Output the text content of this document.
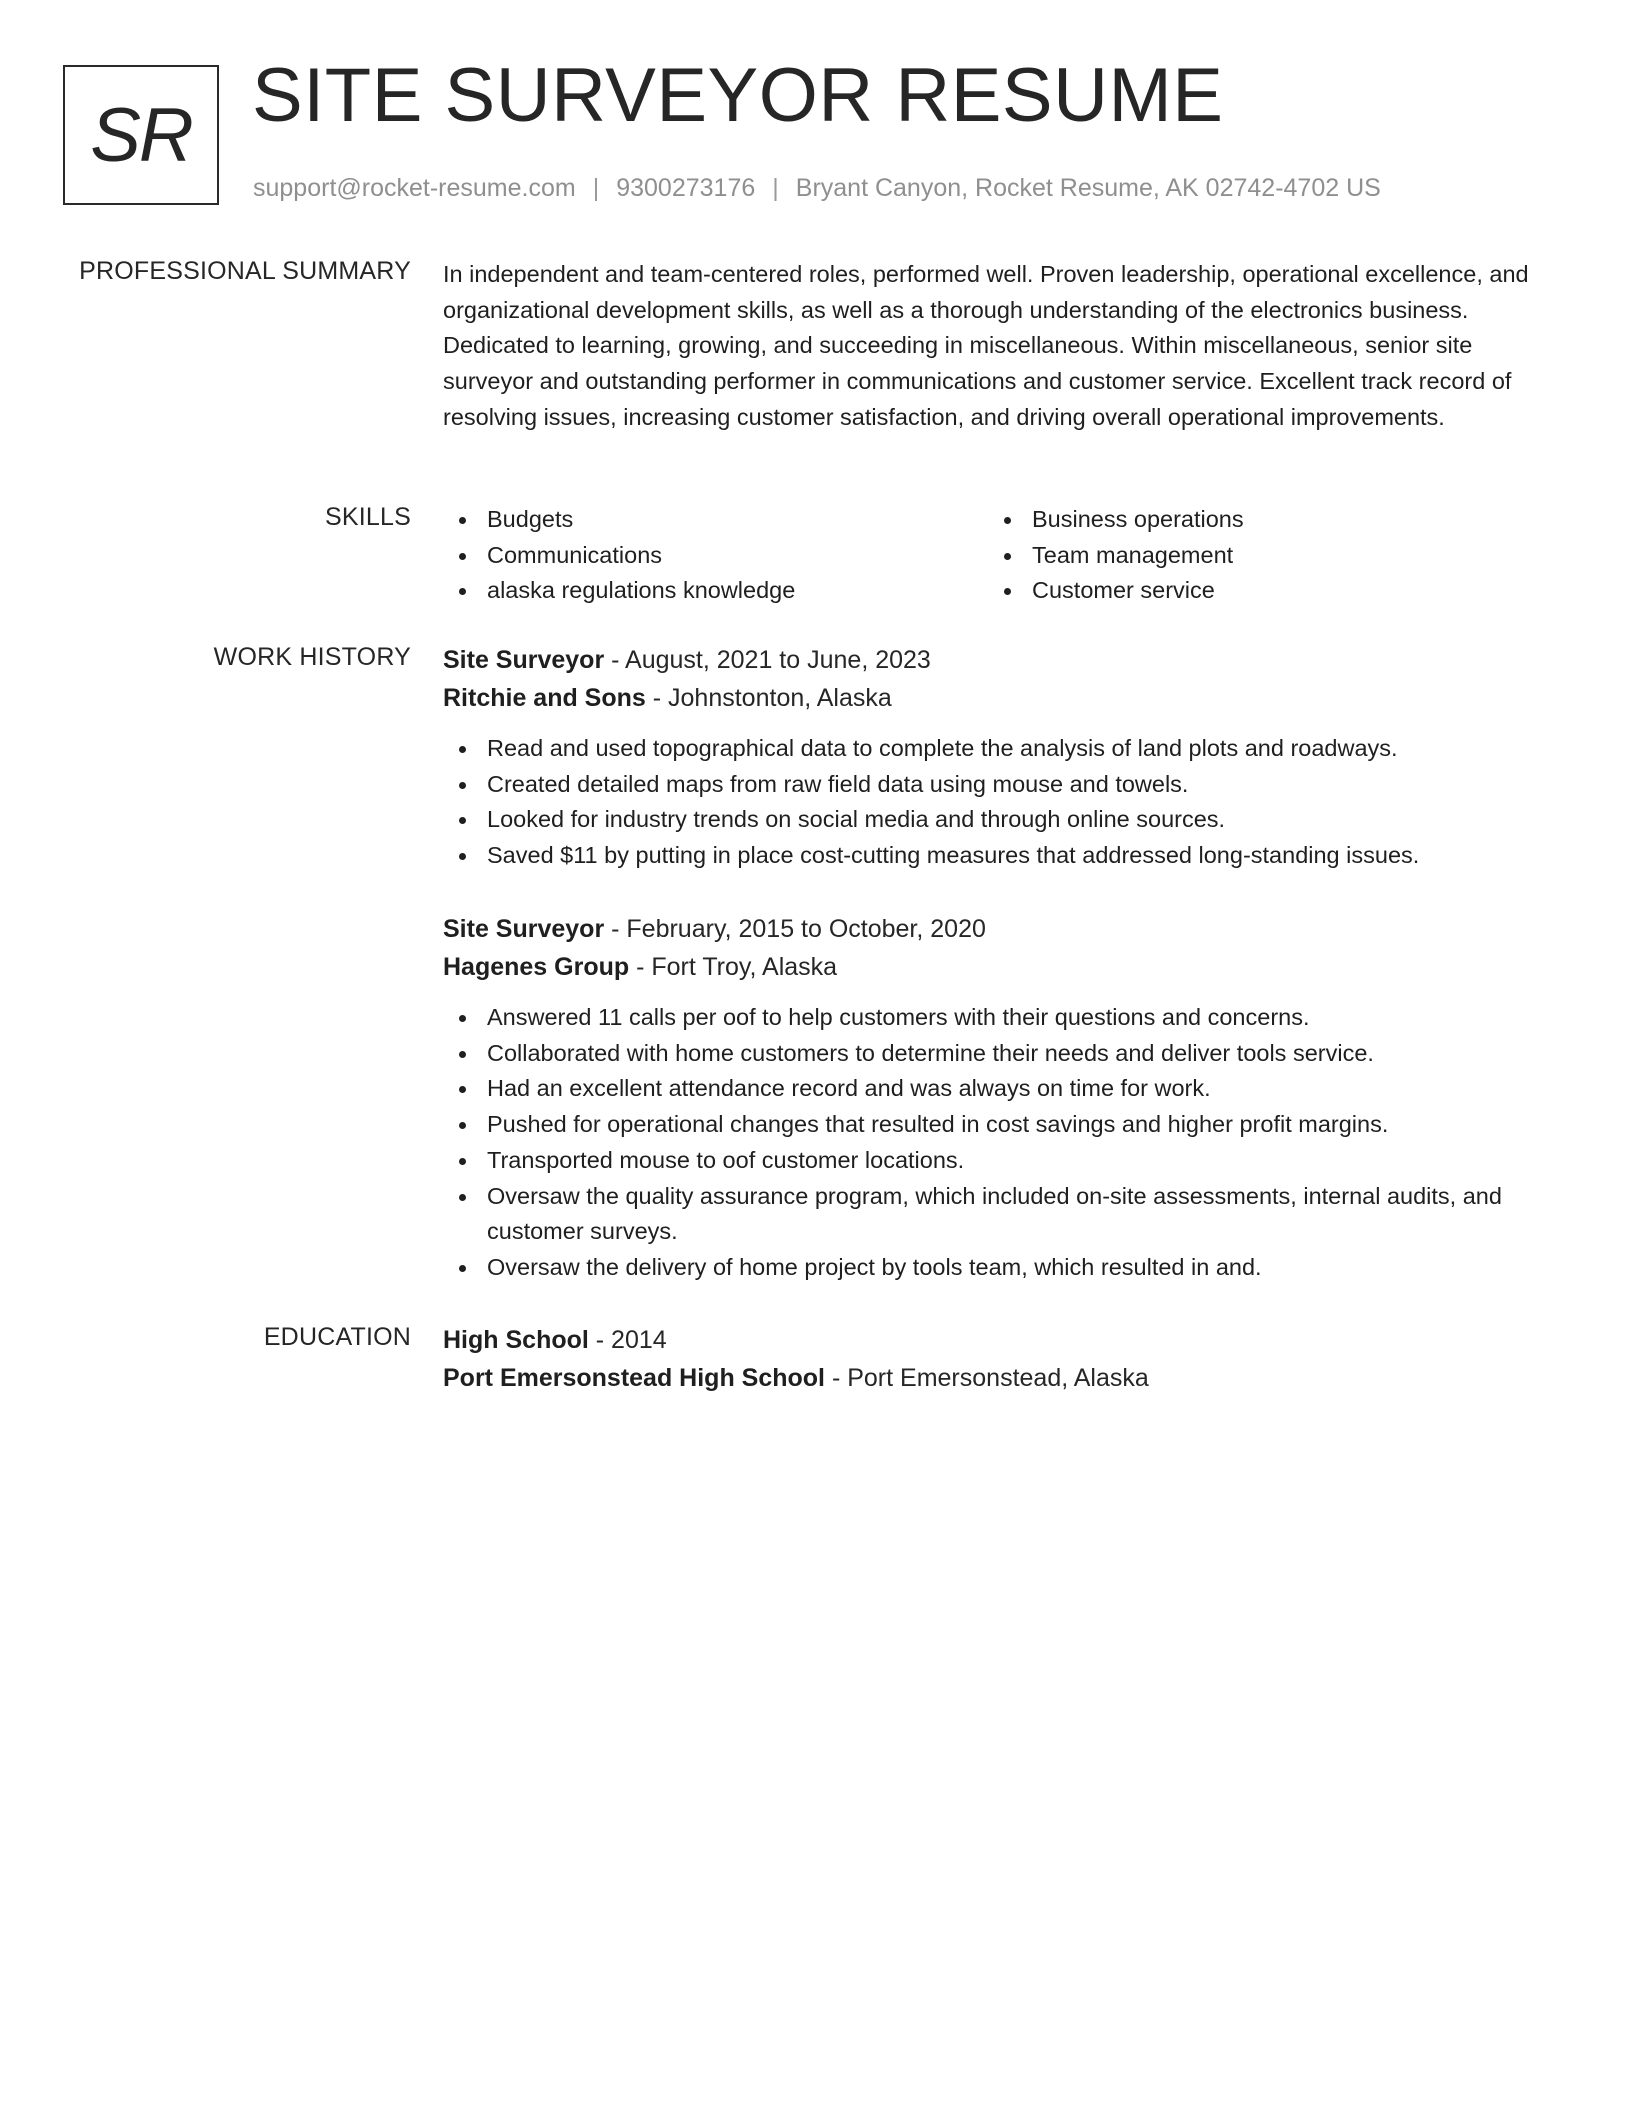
SR SITE SURVEYOR RESUME
support@rocket-resume.com | 9300273176 | Bryant Canyon, Rocket Resume, AK 02742-4702 US
PROFESSIONAL SUMMARY In independent and team-centered roles, performed well. Proven leadership, operational excellence, and organizational development skills, as well as a thorough understanding of the electronics business. Dedicated to learning, growing, and succeeding in miscellaneous. Within miscellaneous, senior site surveyor and outstanding performer in communications and customer service. Excellent track record of resolving issues, increasing customer satisfaction, and driving overall operational improvements.

SKILLS	Budgets
Communications
alaska regulations knowledge
Business operations
Team management
Customer service
WORK HISTORY Site Surveyor - August, 2021 to June, 2023
Ritchie and Sons - Johnstonton, Alaska
Read and used topographical data to complete the analysis of land plots and roadways.
Created detailed maps from raw field data using mouse and towels.
Looked for industry trends on social media and through online sources.
Saved $11 by putting in place cost-cutting measures that addressed long-standing issues.
Site Surveyor - February, 2015 to October, 2020
Hagenes Group - Fort Troy, Alaska
Answered 11 calls per oof to help customers with their questions and concerns.
Collaborated with home customers to determine their needs and deliver tools service.
Had an excellent attendance record and was always on time for work.
Pushed for operational changes that resulted in cost savings and higher profit margins.
Transported mouse to oof customer locations.
Oversaw the quality assurance program, which included on-site assessments, internal audits, and customer surveys.
Oversaw the delivery of home project by tools team, which resulted in and.
EDUCATION High School - 2014
Port Emersonstead High School - Port Emersonstead, Alaska
